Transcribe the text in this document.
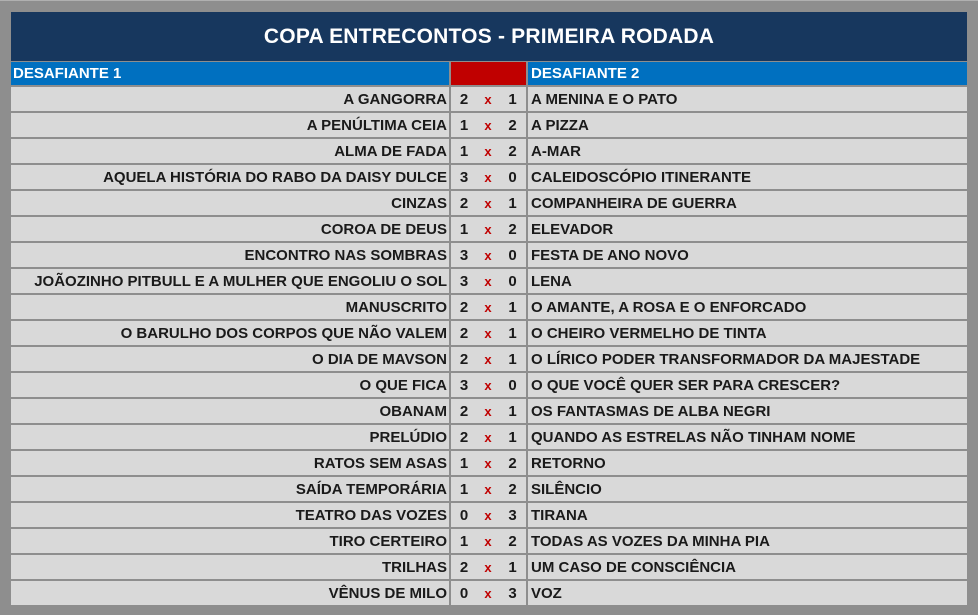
COPA ENTRECONTOS - PRIMEIRA RODADA
DESAFIANTE 1	DESAFIANTE 2
A GANGORRA 2	x	1 A MENINA E O PATO
A PENÚLTIMA CEIA 1	x	2 A PIZZA
ALMA DE FADA 1	x	2 A-MAR
AQUELA HISTÓRIA DO RABO DA DAISY DULCE 3	x	0 CALEIDOSCÓPIO ITINERANTE
CINZAS 2	x	1 COMPANHEIRA DE GUERRA
COROA DE DEUS 1	x	2 ELEVADOR
ENCONTRO NAS SOMBRAS 3	x	0 FESTA DE ANO NOVO
JOÃOZINHO PITBULL E A MULHER QUE ENGOLIU O SOL 3	x	0 LENA
MANUSCRITO 2	x	1 O AMANTE, A ROSA E O ENFORCADO
O BARULHO DOS CORPOS QUE NÃO VALEM 2	x	1 O CHEIRO VERMELHO DE TINTA
O DIA DE MAVSON 2	x	1 O LÍRICO PODER TRANSFORMADOR DA MAJESTADE
O QUE FICA 3	x	0 O QUE VOCÊ QUER SER PARA CRESCER?
OBANAM 2	x	1 OS FANTASMAS DE ALBA NEGRI
PRELÚDIO 2	x	1 QUANDO AS ESTRELAS NÃO TINHAM NOME
RATOS SEM ASAS 1	x	2 RETORNO
SAÍDA TEMPORÁRIA 1	x	2 SILÊNCIO
TEATRO DAS VOZES 0	x	3 TIRANA
TIRO CERTEIRO 1	x	2 TODAS AS VOZES DA MINHA PIA
TRILHAS 2	x	1 UM CASO DE CONSCIÊNCIA
VÊNUS DE MILO 0	x	3 VOZ
